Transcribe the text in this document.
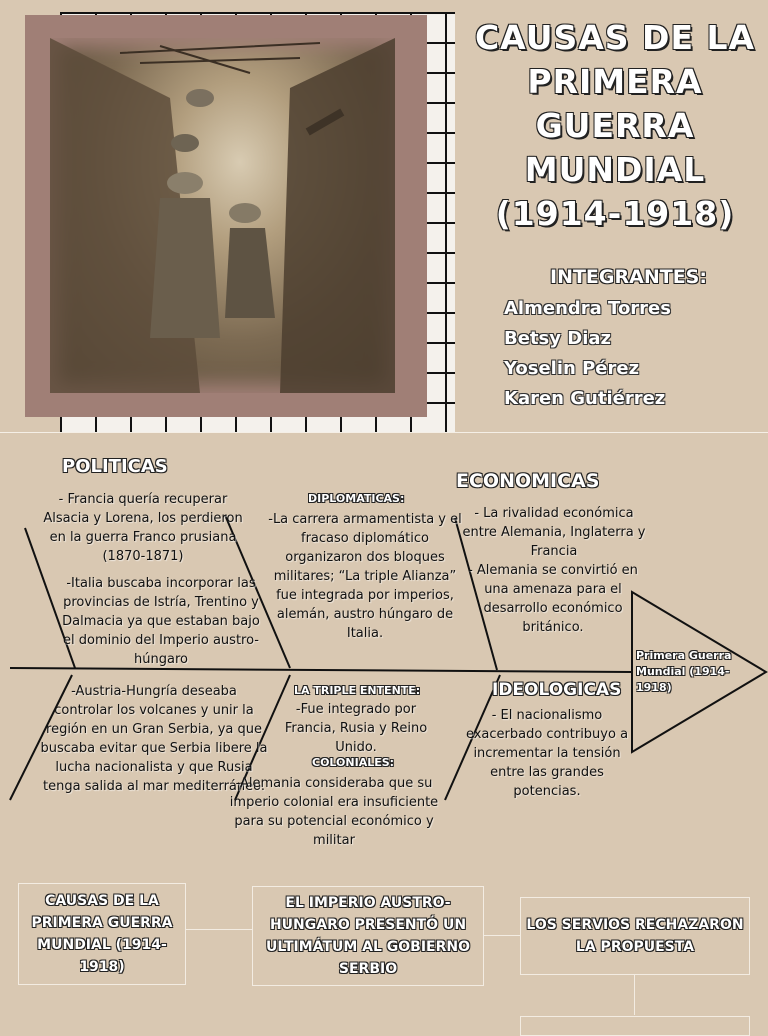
CAUSAS DE LA
PRIMERA
GUERRA
MUNDIAL
(1914-1918)
INTEGRANTES:
Almendra Torres
Betsy Diaz
Yoselin Pérez
Karen Gutiérrez
POLITICAS
- Francia quería recuperar Alsacia y Lorena, los perdieron en la guerra Franco prusiana (1870-1871)
-Italia buscaba incorporar las provincias de Istría, Trentino y Dalmacia ya que estaban bajo el dominio del Imperio austro-húngaro
-Austria-Hungría deseaba controlar los volcanes y unir la región en un Gran Serbia, ya que buscaba evitar que Serbia libere la lucha nacionalista y que Rusia tenga salida al mar mediterráneo.
DIPLOMATICAS:
-La carrera armamentista y el fracaso diplomático organizaron dos bloques militares; “La triple Alianza” fue integrada por imperios, alemán, austro húngaro de Italia.
LA TRIPLE ENTENTE:
-Fue integrado por Francia, Rusia y Reino Unido.
COLONIALES:
-Alemania consideraba que su imperio colonial era insuficiente para su potencial económico y militar
ECONOMICAS
- La rivalidad económica entre Alemania, Inglaterra y Francia
- Alemania se convirtió en una amenaza para el desarrollo económico británico.
IDEOLOGICAS
- El nacionalismo exacerbado contribuyo a incrementar la tensión entre las grandes potencias.
Primera Guerra Mundial (1914-1918)
CAUSAS DE LA PRIMERA GUERRA MUNDIAL (1914-1918)
EL IMPERIO AUSTRO-HUNGARO PRESENTÓ UN ULTIMÁTUM AL GOBIERNO SERBIO
LOS SERVIOS RECHAZARON LA PROPUESTA
